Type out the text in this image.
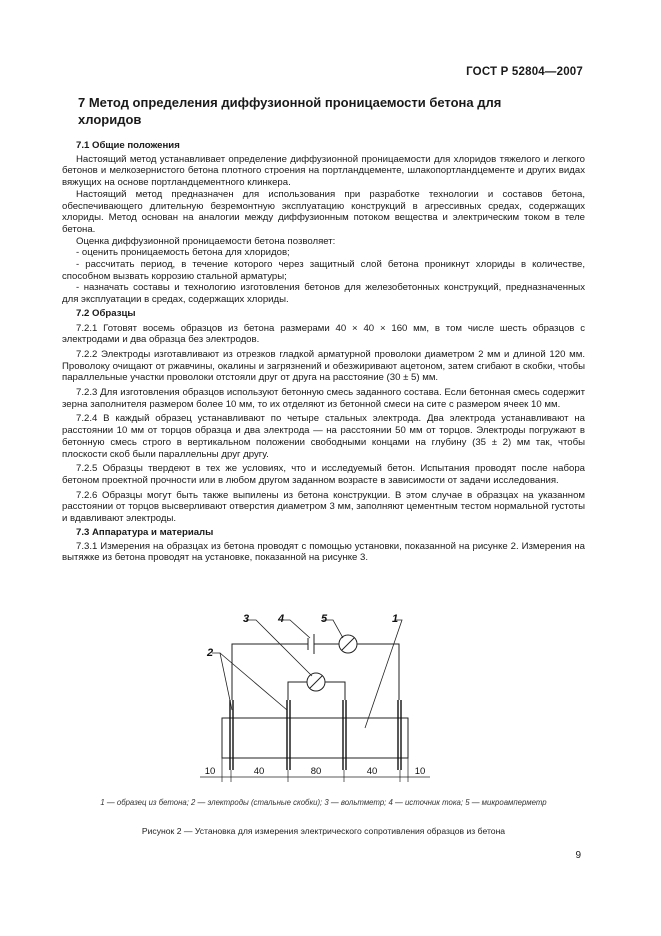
ГОСТ Р 52804—2007
7 Метод определения диффузионной проницаемости бетона для хлоридов

7.1 Общие положения

Настоящий метод устанавливает определение диффузионной проницаемости для хлоридов тяжелого и легкого бетонов и мелкозернистого бетона плотного строения на портландцементе, шлакопортландцементе и других видах вяжущих на основе портландцементного клинкера.

Настоящий метод предназначен для использования при разработке технологии и составов бетона, обеспечивающего длительную безремонтную эксплуатацию конструкций в агрессивных средах, содержащих хлориды. Метод основан на аналогии между диффузионным потоком вещества и электрическим током в теле бетона.

Оценка диффузионной проницаемости бетона позволяет:

- оценить проницаемость бетона для хлоридов;

- рассчитать период, в течение которого через защитный слой бетона проникнут хлориды в количестве, способном вызвать коррозию стальной арматуры;

- назначать составы и технологию изготовления бетонов для железобетонных конструкций, предназначенных для эксплуатации в средах, содержащих хлориды.

7.2 Образцы

7.2.1 Готовят восемь образцов из бетона размерами 40 × 40 × 160 мм, в том числе шесть образцов с электродами и два образца без электродов.

7.2.2 Электроды изготавливают из отрезков гладкой арматурной проволоки диаметром 2 мм и длиной 120 мм. Проволоку очищают от ржавчины, окалины и загрязнений и обезжиривают ацетоном, затем сгибают в скобки, чтобы параллельные участки проволоки отстояли друг от друга на расстояние (30 ± 5) мм.

7.2.3 Для изготовления образцов используют бетонную смесь заданного состава. Если бетонная смесь содержит зерна заполнителя размером более 10 мм, то их отделяют из бетонной смеси на сите с размером ячеек 10 мм.

7.2.4 В каждый образец устанавливают по четыре стальных электрода. Два электрода устанавливают на расстоянии 10 мм от торцов образца и два электрода — на расстоянии 50 мм от торцов. Электроды погружают в бетонную смесь строго в вертикальном положении свободными концами на глубину (35 ± 2) мм так, чтобы плоскости скоб были параллельны друг другу.

7.2.5 Образцы твердеют в тех же условиях, что и исследуемый бетон. Испытания проводят после набора бетоном проектной прочности или в любом другом заданном возрасте в зависимости от задачи исследования.

7.2.6 Образцы могут быть также выпилены из бетона конструкции. В этом случае в образцах на указанном расстоянии от торцов высверливают отверстия диаметром 3 мм, заполняют цементным тестом нормальной густоты и вдавливают электроды.

7.3 Аппаратура и материалы

7.3.1 Измерения на образцах из бетона проводят с помощью установки, показанной на рисунке 2. Измерения на вытяжке из бетона проводят на установке, показанной на рисунке 3.

2
3	4	5	1
10	40	80	40	10
1 — образец из бетона; 2 — электроды (стальные скобки); 3 — вольтметр; 4 — источник тока; 5 — микроамперметр
Рисунок 2 — Установка для измерения электрического сопротивления образцов из бетона
9
